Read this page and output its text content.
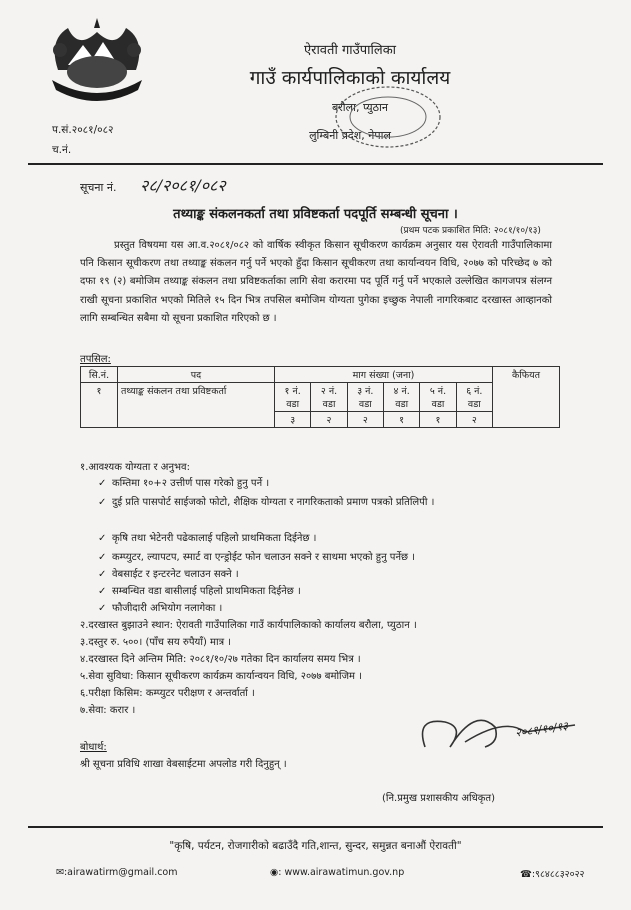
ऐरावती गाउँपालिका
गाउँ कार्यपालिकाको कार्यालय
बरौला, प्युठान
लुम्बिनी प्रदेश, नेपाल
प.सं.२०८१/०८२
च.नं.
सूचना नं. २८/२०८१/०८२
तथ्याङ्क संकलनकर्ता तथा प्रविष्टकर्ता पदपूर्ति सम्बन्धी सूचना ।
(प्रथम पटक प्रकाशित मिति: २०८१/१०/१३)
प्रस्तुत विषयमा यस आ.व.२०८१/०८२ को वार्षिक स्वीकृत किसान सूचीकरण कार्यक्रम अनुसार यस ऐरावती गाउँपालिकामा पनि किसान सूचीकरण तथा तथ्याङ्क संकलन गर्नु पर्ने भएको हुँदा किसान सूचीकरण तथा कार्यान्वयन विधि, २०७७ को परिच्छेद ७ को दफा १९ (२) बमोजिम तथ्याङ्क संकलन तथा प्रविष्टकर्ताका लागि सेवा करारमा पद पूर्ति गर्नु पर्ने भएकाले उल्लेखित कागजपत्र संलग्न राखी सूचना प्रकाशित भएको मितिले १५ दिन भित्र तपसिल बमोजिम योग्यता पुगेका इच्छुक नेपाली नागरिकबाट दरखास्त आव्हानको लागि सम्बन्धित सबैमा यो सूचना प्रकाशित गरिएको छ ।
तपसिल:
सि.नं.	पद	माग संख्या (जना)						कैफियत
१	तथ्याङ्क संकलन तथा प्रविष्टकर्ता	१ नं. वडा	२ नं. वडा	३ नं. वडा	४ नं. वडा	५ नं. वडा	६ नं. वडा	
		३	२	२	१	१	२	
१.आवश्यक योग्यता र अनुभव:
✓ कम्तिमा १०+२ उत्तीर्ण पास गरेको हुनु पर्ने ।
✓ दुई प्रति पासपोर्ट साईजको फोटो, शैक्षिक योग्यता र नागरिकताको प्रमाण पत्रको प्रतिलिपी ।
✓ कृषि तथा भेटेनरी पढेकालाई पहिलो प्राथमिकता दिईनेछ ।
✓ कम्प्युटर, ल्यापटप, स्मार्ट वा एन्ड्रोईट फोन चलाउन सक्ने र साथमा भएको हुनु पर्नेछ ।
✓ वेबसाईट र इन्टरनेट चलाउन सक्ने ।
✓ सम्बन्धित वडा बासीलाई पहिलो प्राथमिकता दिईनेछ ।
✓ फौजीदारी अभियोग नलागेका ।
२.दरखास्त बुझाउने स्थान: ऐरावती गाउँपालिका गाउँ कार्यपालिकाको कार्यालय बरौला, प्युठान ।
३.दस्तुर रु. ५००। (पाँच सय रुपैयाँ) मात्र ।
४.दरखास्त दिने अन्तिम मिति: २०८१/१०/२७ गतेका दिन कार्यालय समय भित्र ।
५.सेवा सुविधा: किसान सूचीकरण कार्यक्रम कार्यान्वयन विधि, २०७७ बमोजिम ।
६.परीक्षा किसिम: कम्प्युटर परीक्षण र अन्तर्वार्ता ।
७.सेवा: करार ।
२०८१/१०/१३
(नि.प्रमुख प्रशासकीय अधिकृत)
बोधार्थ:
श्री सूचना प्रविधि शाखा वेबसाईटमा अपलोड गरी दिनुहुन् ।
"कृषि, पर्यटन, रोजगारीको बढाउँदै गति,शान्त, सुन्दर, समुन्नत बनाऔं ऐरावती"
✉:airawatirm@gmail.com	◉: www.airawatimun.gov.np	☎:९८४८८३२०२२
